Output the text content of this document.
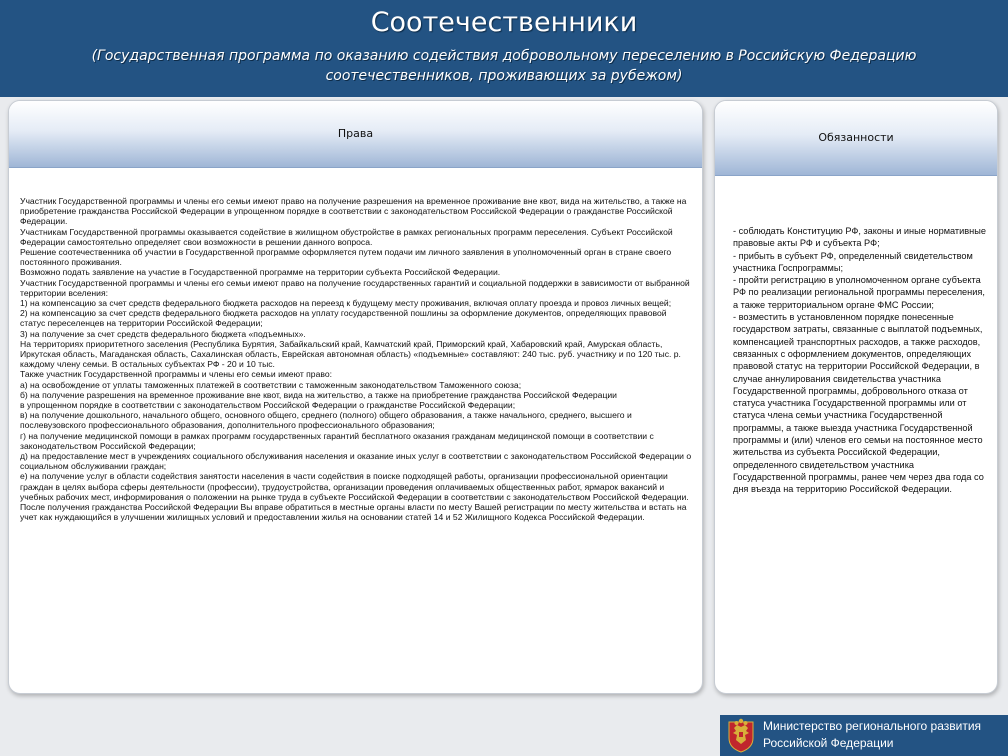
Соотечественники
(Государственная программа по оказанию содействия добровольному переселению в Российскую Федерацию соотечественников, проживающих за рубежом)
Права
Участник Государственной программы и члены его семьи имеют право на получение разрешения на временное проживание вне квот, вида на жительство, а также на приобретение гражданства Российской Федерации в упрощенном порядке в соответствии с законодательством Российской Федерации о гражданстве Российской Федерации.
Участникам Государственной программы оказывается содействие в жилищном обустройстве в рамках региональных программ переселения. Субъект Российской Федерации самостоятельно определяет свои возможности в решении данного вопроса.
Решение соотечественника об участии в Государственной программе оформляется путем подачи им личного заявления в уполномоченный орган в стране своего постоянного проживания.
Возможно подать заявление на участие в Государственной программе на территории субъекта Российской Федерации.
Участник Государственной программы и члены его семьи имеют право на получение государственных гарантий и социальной поддержки в зависимости от выбранной территории вселения:
1) на компенсацию за счет средств федерального бюджета расходов на переезд к будущему месту проживания, включая оплату проезда и провоз личных вещей;
2) на компенсацию за счет средств федерального бюджета расходов на уплату государственной пошлины за оформление документов, определяющих правовой статус переселенцев на территории Российской Федерации;
3) на получение за счет средств федерального бюджета «подъемных».
На территориях приоритетного заселения (Республика Бурятия, Забайкальский край, Камчатский край, Приморский край, Хабаровский край, Амурская область, Иркутская область, Магаданская область, Сахалинская область, Еврейская автономная область) «подъемные» составляют: 240 тыс. руб. участнику и по 120 тыс. р. каждому члену семьи. В остальных субъектах РФ - 20 и 10 тыс.
Также участник Государственной программы и члены его семьи имеют право:
а) на освобождение от уплаты таможенных платежей в соответствии с таможенным законодательством Таможенного союза;
б) на получение разрешения на временное проживание вне квот, вида на жительство, а также на приобретение гражданства Российской Федерации
в упрощенном порядке в соответствии с законодательством Российской Федерации о гражданстве Российской Федерации;
в) на получение дошкольного, начального общего, основного общего, среднего (полного) общего образования, а также начального, среднего, высшего и послевузовского профессионального образования, дополнительного профессионального образования;
г) на получение медицинской помощи в рамках программ государственных гарантий бесплатного оказания гражданам медицинской помощи в соответствии с законодательством Российской Федерации;
д) на предоставление мест в учреждениях социального обслуживания населения и оказание иных услуг в соответствии с законодательством Российской Федерации о социальном обслуживании граждан;
е) на получение услуг в области содействия занятости населения в части содействия в поиске подходящей работы, организации профессиональной ориентации граждан в целях выбора сферы деятельности (профессии), трудоустройства, организации проведения оплачиваемых общественных работ, ярмарок вакансий и учебных рабочих мест, информирования о положении на рынке труда в субъекте Российской Федерации в соответствии с законодательством Российской Федерации.
После получения гражданства Российской Федерации Вы вправе обратиться в местные органы власти по месту Вашей регистрации по месту жительства и встать на учет как нуждающийся в улучшении жилищных условий и предоставлении жилья на основании статей 14 и 52 Жилищного Кодекса Российской Федерации.
Обязанности
- соблюдать Конституцию РФ, законы и иные нормативные правовые акты РФ и субъекта РФ;
- прибыть в субъект РФ, определенный свидетельством участника Госпрограммы;
- пройти регистрацию в уполномоченном органе субъекта РФ по реализации региональной программы переселения, а также территориальном органе ФМС России;
- возместить в установленном порядке понесенные государством затраты, связанные с выплатой подъемных, компенсацией транспортных расходов, а также расходов, связанных с оформлением документов, определяющих правовой статус на территории Российской Федерации, в случае аннулирования свидетельства участника Государственной программы, добровольного отказа от статуса участника Государственной программы или от статуса члена семьи участника Государственной программы, а также выезда участника Государственной программы и (или) членов его семьи на постоянное место жительства из субъекта Российской Федерации, определенного свидетельством участника Государственной программы, ранее чем через два года со дня въезда на территорию Российской Федерации.
Министерство регионального развития
Российской Федерации
